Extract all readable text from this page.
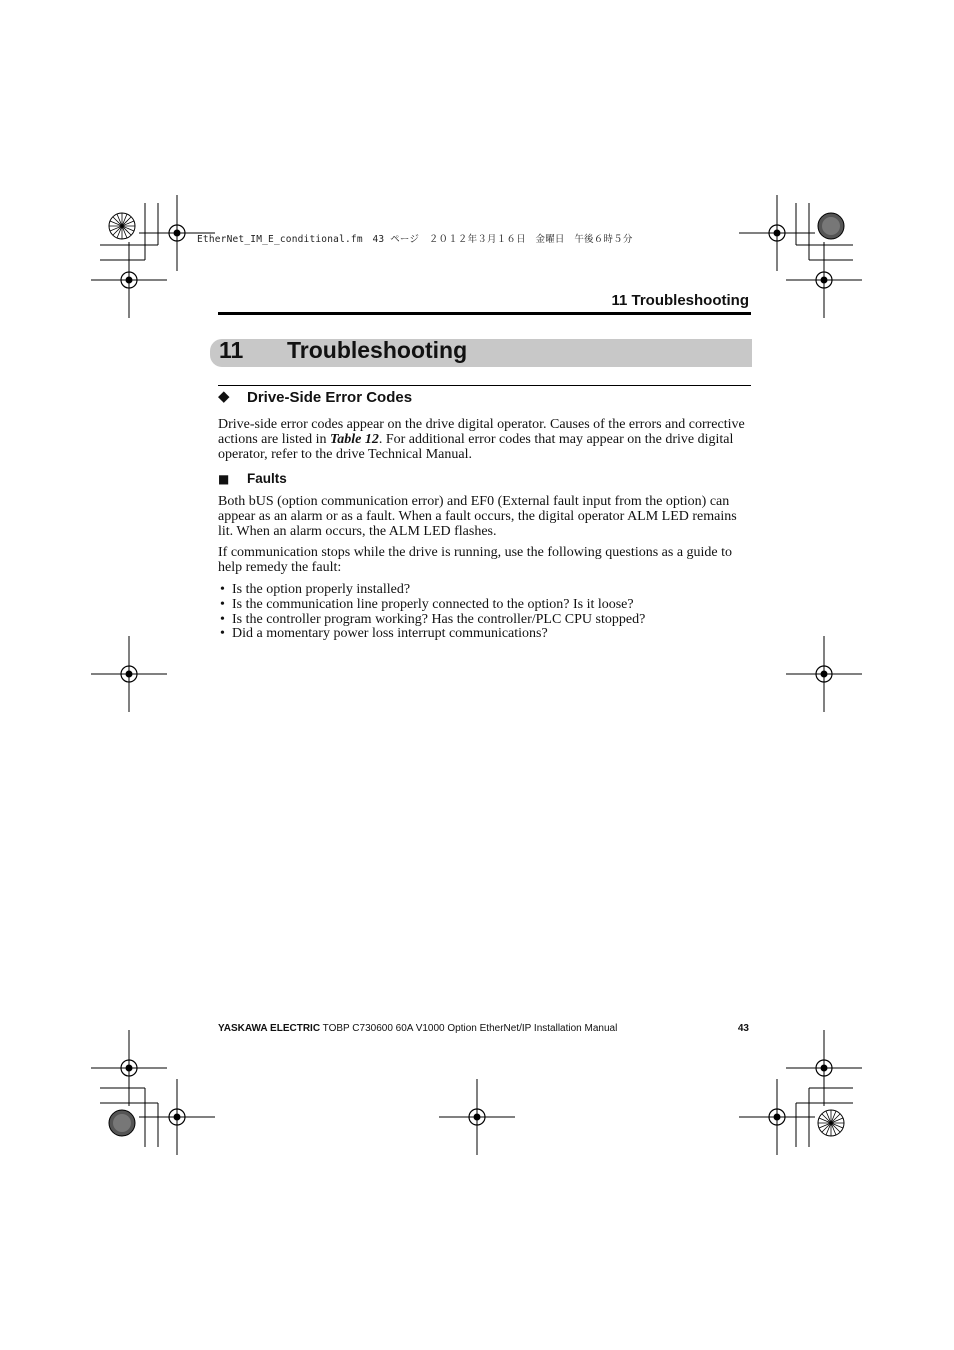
EtherNet_IM_E_conditional.fm　43 ページ　２０１２年３月１６日　金曜日　午後６時５分
11 Troubleshooting
11 Troubleshooting
◆ Drive-Side Error Codes
Drive-side error codes appear on the drive digital operator. Causes of the errors and corrective actions are listed in Table 12. For additional error codes that may appear on the drive digital operator, refer to the drive Technical Manual.
■ Faults
Both bUS (option communication error) and EF0 (External fault input from the option) can appear as an alarm or as a fault. When a fault occurs, the digital operator ALM LED remains lit. When an alarm occurs, the ALM LED flashes.
If communication stops while the drive is running, use the following questions as a guide to help remedy the fault:
• Is the option properly installed?
• Is the communication line properly connected to the option? Is it loose?
• Is the controller program working? Has the controller/PLC CPU stopped?
• Did a momentary power loss interrupt communications?
YASKAWA ELECTRIC TOBP C730600 60A V1000 Option EtherNet/IP Installation Manual	43
